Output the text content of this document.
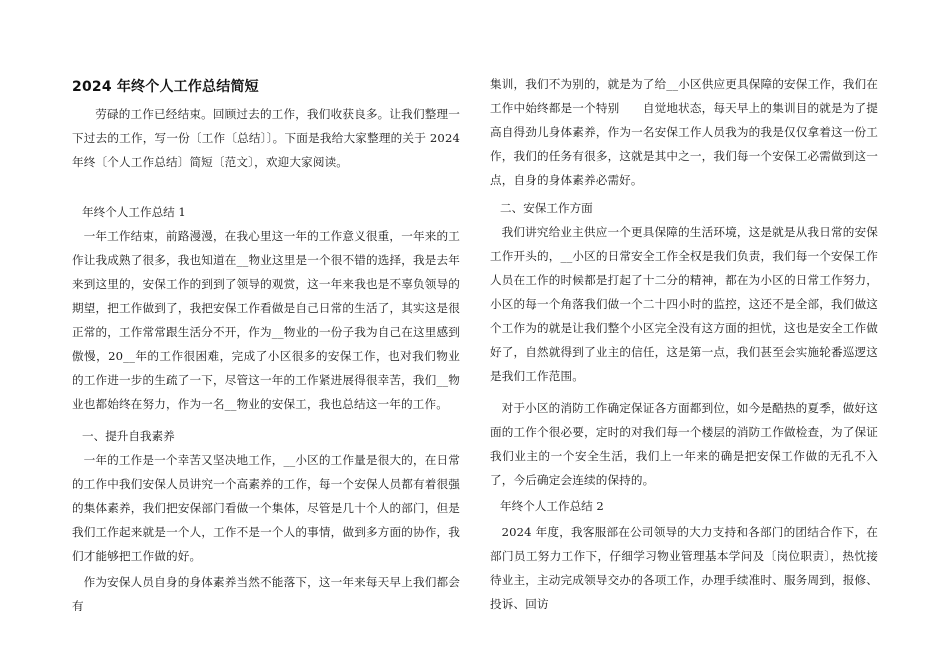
2024 年终个人工作总结简短

劳碌的工作已经结束。回顾过去的工作，我们收获良多。让我们整理一下过去的工作，写一份〔工作〔总结〕〕。下面是我给大家整理的关于 2024 年终〔个人工作总结〕简短〔范文〕，欢迎大家阅读。

年终个人工作总结 1

一年工作结束，前路漫漫，在我心里这一年的工作意义很重，一年来的工作让我成熟了很多，我也知道在__物业这里是一个很不错的选择，我是去年来到这里的，安保工作的到到了领导的观赏，这一年来我也是不辜负领导的期望，把工作做到了，我把安保工作看做是自己日常的生活了，其实这是很正常的，工作常常跟生活分不开，作为__物业的一份子我为自己在这里感到傲慢，20__年的工作很困难，完成了小区很多的安保工作，也对我们物业的工作进一步的生疏了一下，尽管这一年的工作紧进展得很幸苦，我们__物业也都始终在努力，作为一名__物业的安保工，我也总结这一年的工作。

一、提升自我素养

一年的工作是一个幸苦又坚决地工作，__小区的工作量是很大的，在日常的工作中我们安保人员讲究一个高素养的工作，每一个安保人员都有着很强的集体素养，我们把安保部门看做一个集体，尽管是几十个人的部门，但是我们工作起来就是一个人，工作不是一个人的事情，做到多方面的协作，我们才能够把工作做的好。

作为安保人员自身的身体素养当然不能落下，这一年来每天早上我们都会有

集训，我们不为别的，就是为了给__小区供应更具保障的安保工作，我们在工作中始终都是一个特别　　自觉地状态，每天早上的集训目的就是为了提高自得劲儿身体素养，作为一名安保工作人员我为的我是仅仅拿着这一份工作，我们的任务有很多，这就是其中之一，我们每一个安保工必需做到这一点，自身的身体素养必需好。

二、安保工作方面

我们讲究给业主供应一个更具保障的生活环境，这是就是从我日常的安保工作开头的，__小区的日常安全工作全权是我们负责，我们每一个安保工作人员在工作的时候都是打起了十二分的精神，都在为小区的日常工作努力，小区的每一个角落我们做一个二十四小时的监控，这还不是全部，我们做这个工作为的就是让我们整个小区完全没有这方面的担忧，这也是安全工作做好了，自然就得到了业主的信任，这是第一点，我们甚至会实施轮番巡逻这是我们工作范围。

对于小区的消防工作确定保证各方面都到位，如今是酷热的夏季，做好这面的工作个很必要，定时的对我们每一个楼层的消防工作做检查，为了保证我们业主的一个安全生活，我们上一年来的确是把安保工作做的无孔不入了，今后确定会连续的保持的。

年终个人工作总结 2

2024 年度，我客服部在公司领导的大力支持和各部门的团结合作下，在部门员工努力工作下，仔细学习物业管理基本学问及〔岗位职责〕，热忱接待业主，主动完成领导交办的各项工作，办理手续准时、服务周到，报修、投诉、回访
